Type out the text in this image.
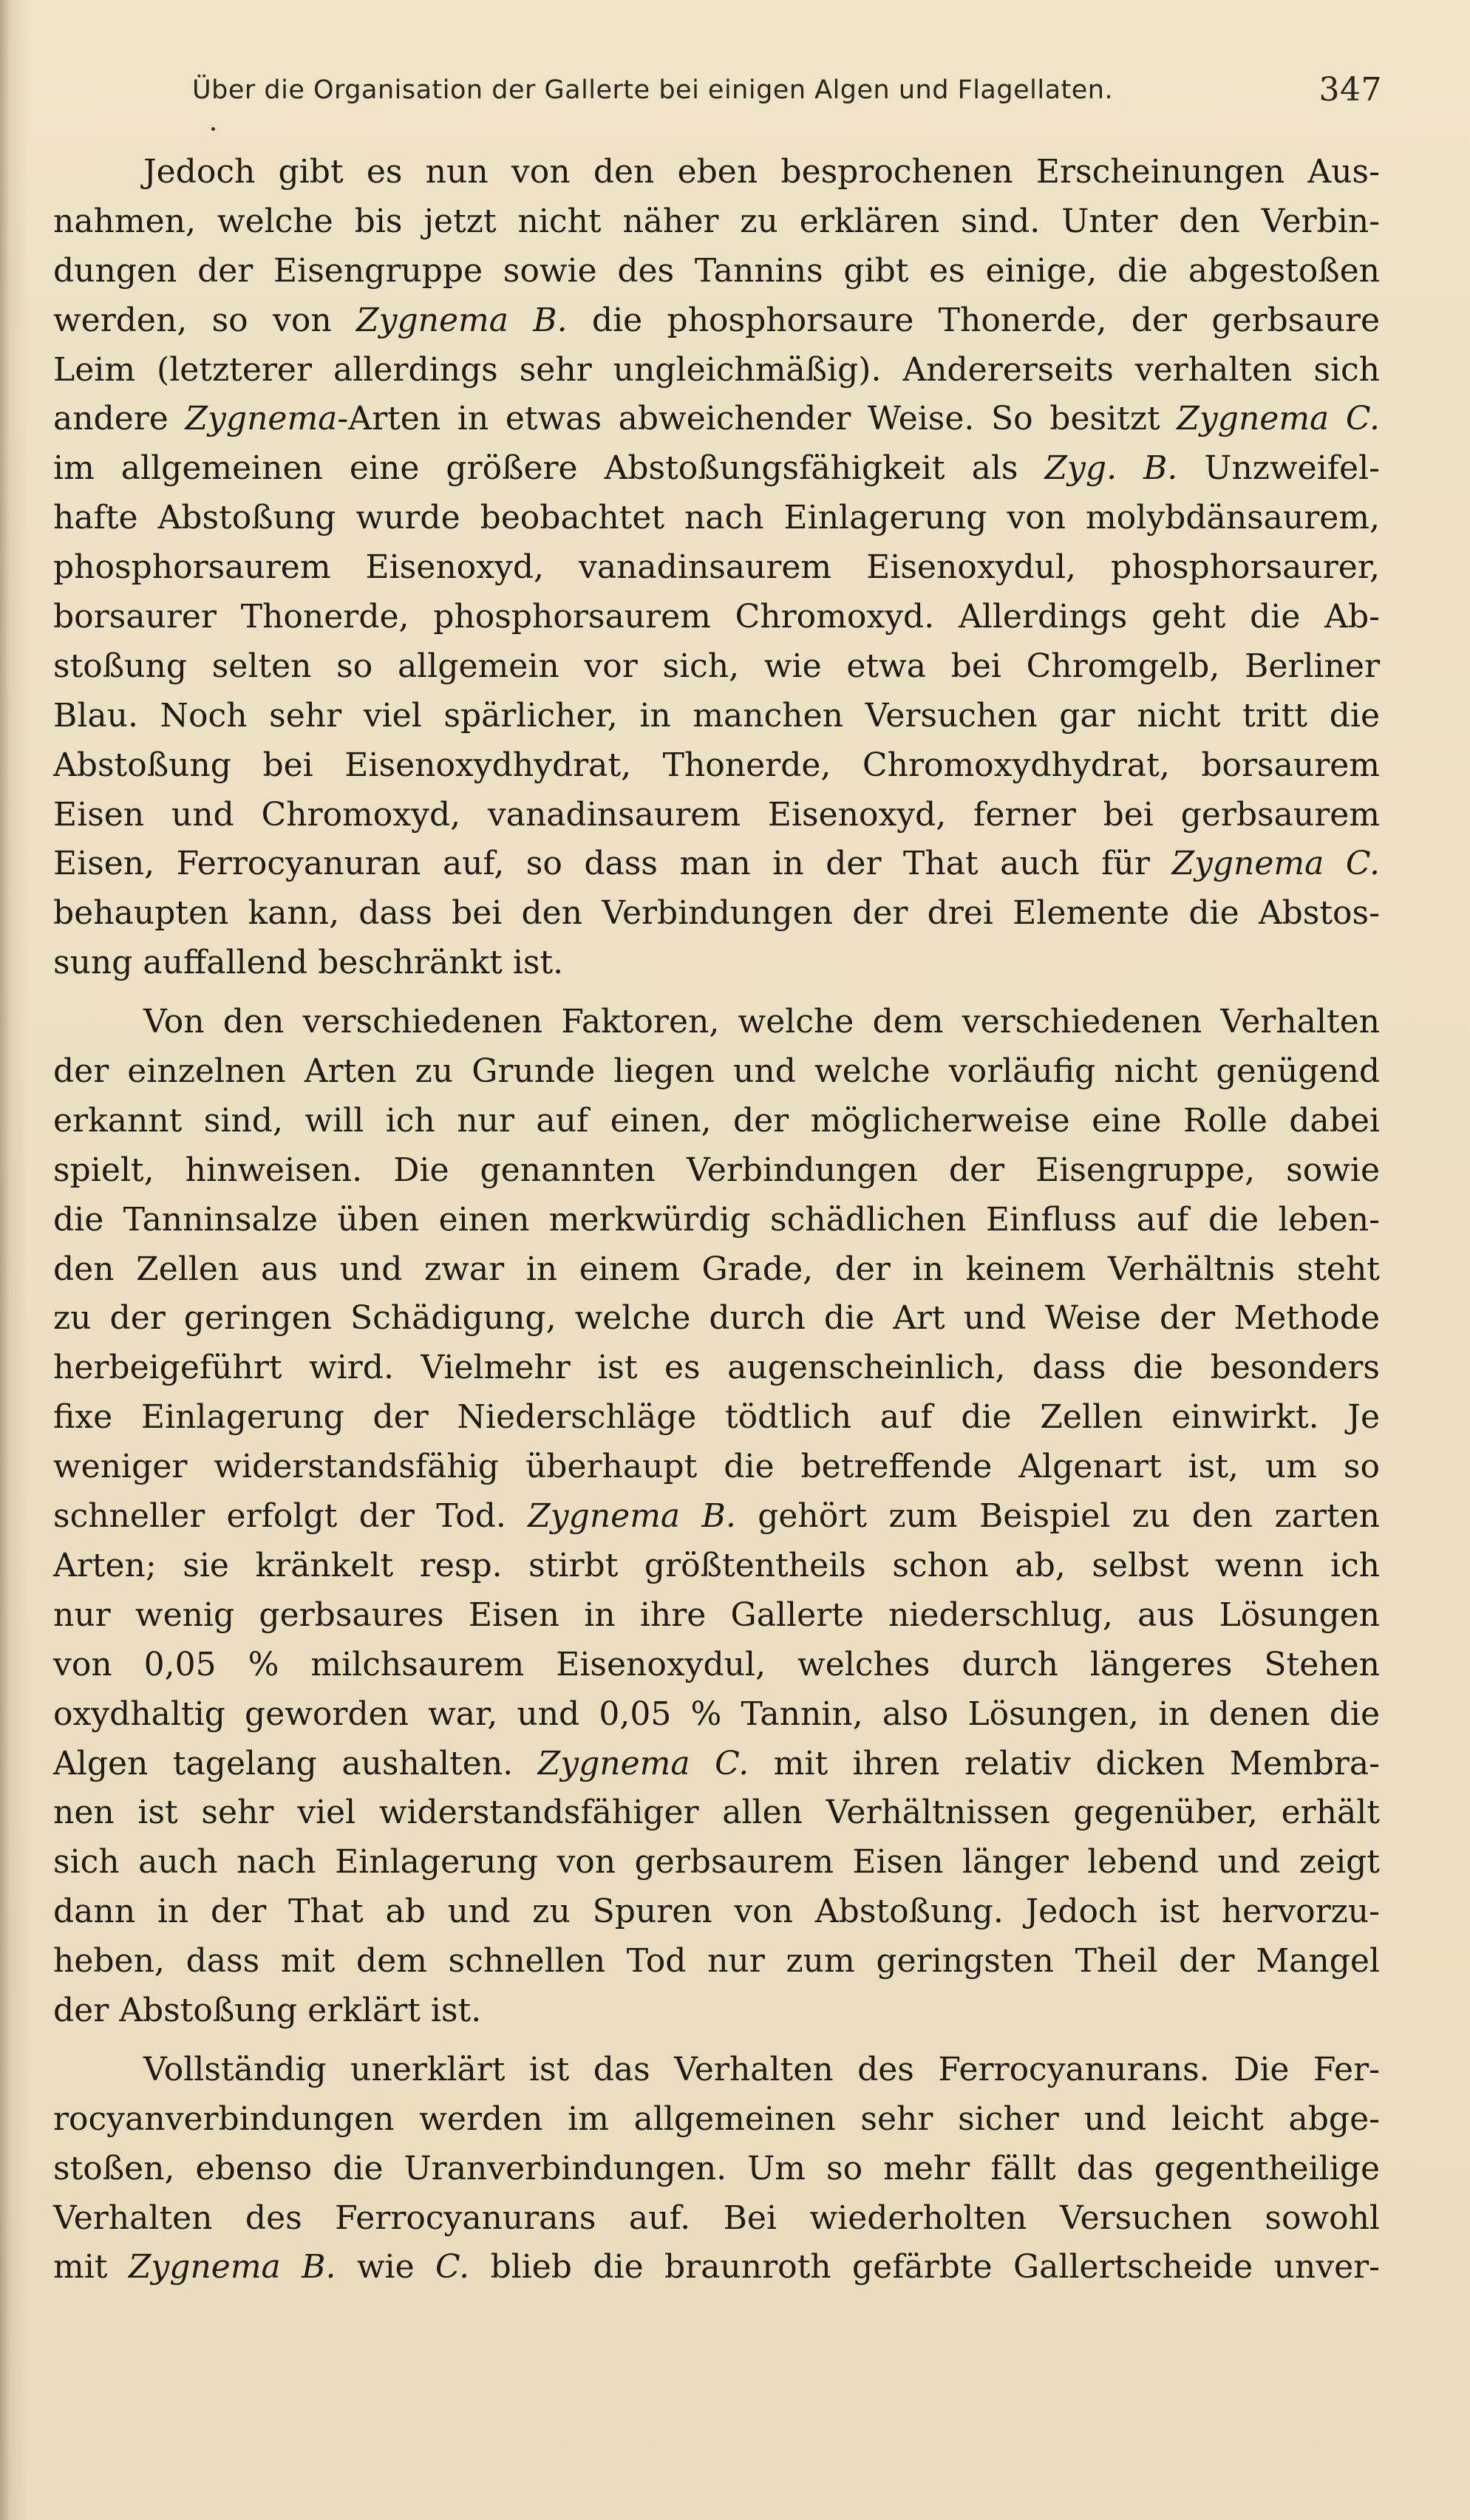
Über die Organisation der Gallerte bei einigen Algen und Flagellaten.	347
Jedoch gibt es nun von den eben besprochenen Erscheinungen Aus-
nahmen, welche bis jetzt nicht näher zu erklären sind. Unter den Verbin-
dungen der Eisengruppe sowie des Tannins gibt es einige, die abgestoßen
werden, so von Zygnema B. die phosphorsaure Thonerde, der gerbsaure
Leim (letzterer allerdings sehr ungleichmäßig). Andererseits verhalten sich
andere Zygnema-Arten in etwas abweichender Weise. So besitzt Zygnema C.
im allgemeinen eine größere Abstoßungsfähigkeit als Zyg. B. Unzweifel-
hafte Abstoßung wurde beobachtet nach Einlagerung von molybdänsaurem,
phosphorsaurem Eisenoxyd, vanadinsaurem Eisenoxydul, phosphorsaurer,
borsaurer Thonerde, phosphorsaurem Chromoxyd. Allerdings geht die Ab-
stoßung selten so allgemein vor sich, wie etwa bei Chromgelb, Berliner
Blau. Noch sehr viel spärlicher, in manchen Versuchen gar nicht tritt die
Abstoßung bei Eisenoxydhydrat, Thonerde, Chromoxydhydrat, borsaurem
Eisen und Chromoxyd, vanadinsaurem Eisenoxyd, ferner bei gerbsaurem
Eisen, Ferrocyanuran auf, so dass man in der That auch für Zygnema C.
behaupten kann, dass bei den Verbindungen der drei Elemente die Abstos-
sung auffallend beschränkt ist.
Von den verschiedenen Faktoren, welche dem verschiedenen Verhalten
der einzelnen Arten zu Grunde liegen und welche vorläufig nicht genügend
erkannt sind, will ich nur auf einen, der möglicherweise eine Rolle dabei
spielt, hinweisen. Die genannten Verbindungen der Eisengruppe, sowie
die Tanninsalze üben einen merkwürdig schädlichen Einfluss auf die leben-
den Zellen aus und zwar in einem Grade, der in keinem Verhältnis steht
zu der geringen Schädigung, welche durch die Art und Weise der Methode
herbeigeführt wird. Vielmehr ist es augenscheinlich, dass die besonders
fixe Einlagerung der Niederschläge tödtlich auf die Zellen einwirkt. Je
weniger widerstandsfähig überhaupt die betreffende Algenart ist, um so
schneller erfolgt der Tod. Zygnema B. gehört zum Beispiel zu den zarten
Arten; sie kränkelt resp. stirbt größtentheils schon ab, selbst wenn ich
nur wenig gerbsaures Eisen in ihre Gallerte niederschlug, aus Lösungen
von 0,05 % milchsaurem Eisenoxydul, welches durch längeres Stehen
oxydhaltig geworden war, und 0,05 % Tannin, also Lösungen, in denen die
Algen tagelang aushalten. Zygnema C. mit ihren relativ dicken Membra-
nen ist sehr viel widerstandsfähiger allen Verhältnissen gegenüber, erhält
sich auch nach Einlagerung von gerbsaurem Eisen länger lebend und zeigt
dann in der That ab und zu Spuren von Abstoßung. Jedoch ist hervorzu-
heben, dass mit dem schnellen Tod nur zum geringsten Theil der Mangel
der Abstoßung erklärt ist.
Vollständig unerklärt ist das Verhalten des Ferrocyanurans. Die Fer-
rocyanverbindungen werden im allgemeinen sehr sicher und leicht abge-
stoßen, ebenso die Uranverbindungen. Um so mehr fällt das gegentheilige
Verhalten des Ferrocyanurans auf. Bei wiederholten Versuchen sowohl
mit Zygnema B. wie C. blieb die braunroth gefärbte Gallertscheide unver-
